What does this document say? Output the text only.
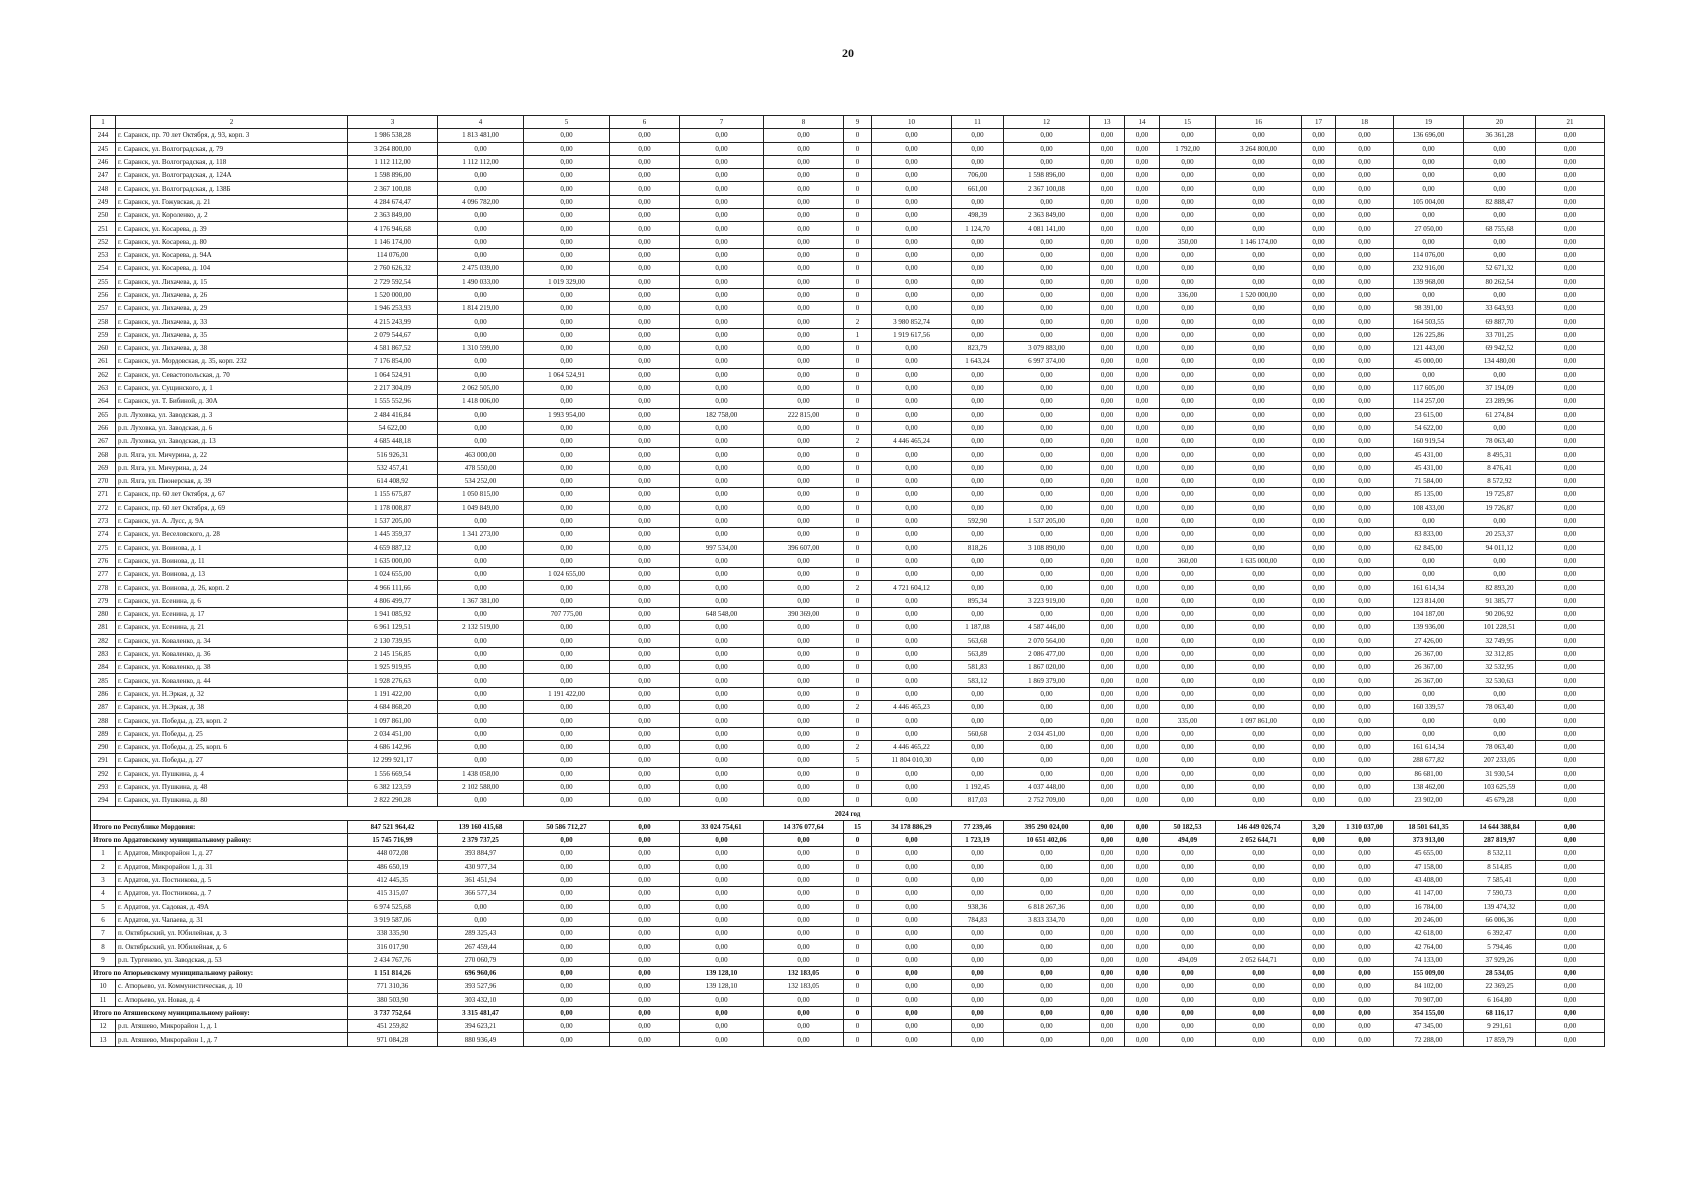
20
1	2	3	4	5	6	7	8	9	10	11	12	13	14	15	16	17	18	19	20	21
244	г. Саранск, пр. 70 лет Октября, д. 93, корп. 3	1 986 538,28	1 813 481,00	0,00	0,00	0,00	0,00	0	0,00	0,00	0,00	0,00	0,00	0,00	0,00	0,00	0,00	136 696,00	36 361,28	0,00
245	г. Саранск, ул. Волгоградская, д. 79	3 264 800,00	0,00	0,00	0,00	0,00	0,00	0	0,00	0,00	0,00	0,00	0,00	1 792,00	3 264 800,00	0,00	0,00	0,00	0,00	0,00
246	г. Саранск, ул. Волгоградская, д. 118	1 112 112,00	1 112 112,00	0,00	0,00	0,00	0,00	0	0,00	0,00	0,00	0,00	0,00	0,00	0,00	0,00	0,00	0,00	0,00	0,00
247	г. Саранск, ул. Волгоградская, д. 124А	1 598 896,00	0,00	0,00	0,00	0,00	0,00	0	0,00	706,00	1 598 896,00	0,00	0,00	0,00	0,00	0,00	0,00	0,00	0,00	0,00
248	г. Саранск, ул. Волгоградская, д. 138Б	2 367 100,08	0,00	0,00	0,00	0,00	0,00	0	0,00	661,00	2 367 100,08	0,00	0,00	0,00	0,00	0,00	0,00	0,00	0,00	0,00
249	г. Саранск, ул. Гожувская, д. 21	4 284 674,47	4 096 782,00	0,00	0,00	0,00	0,00	0	0,00	0,00	0,00	0,00	0,00	0,00	0,00	0,00	0,00	105 004,00	82 888,47	0,00
250	г. Саранск, ул. Короленко, д. 2	2 363 849,00	0,00	0,00	0,00	0,00	0,00	0	0,00	498,39	2 363 849,00	0,00	0,00	0,00	0,00	0,00	0,00	0,00	0,00	0,00
251	г. Саранск, ул. Косарева, д. 39	4 176 946,68	0,00	0,00	0,00	0,00	0,00	0	0,00	1 124,70	4 081 141,00	0,00	0,00	0,00	0,00	0,00	0,00	27 050,00	68 755,68	0,00
252	г. Саранск, ул. Косарева, д. 80	1 146 174,00	0,00	0,00	0,00	0,00	0,00	0	0,00	0,00	0,00	0,00	0,00	350,00	1 146 174,00	0,00	0,00	0,00	0,00	0,00
253	г. Саранск, ул. Косарева, д. 94А	114 076,00	0,00	0,00	0,00	0,00	0,00	0	0,00	0,00	0,00	0,00	0,00	0,00	0,00	0,00	0,00	114 076,00	0,00	0,00
254	г. Саранск, ул. Косарева, д. 104	2 760 626,32	2 475 039,00	0,00	0,00	0,00	0,00	0	0,00	0,00	0,00	0,00	0,00	0,00	0,00	0,00	0,00	232 916,00	52 671,32	0,00
255	г. Саранск, ул. Лихачева, д. 15	2 729 592,54	1 490 033,00	1 019 329,00	0,00	0,00	0,00	0	0,00	0,00	0,00	0,00	0,00	0,00	0,00	0,00	0,00	139 968,00	80 262,54	0,00
256	г. Саранск, ул. Лихачева, д. 26	1 520 000,00	0,00	0,00	0,00	0,00	0,00	0	0,00	0,00	0,00	0,00	0,00	336,00	1 520 000,00	0,00	0,00	0,00	0,00	0,00
257	г. Саранск, ул. Лихачева, д. 29	1 946 253,93	1 814 219,00	0,00	0,00	0,00	0,00	0	0,00	0,00	0,00	0,00	0,00	0,00	0,00	0,00	0,00	98 391,00	33 643,93	0,00
258	г. Саранск, ул. Лихачева, д. 33	4 215 243,99	0,00	0,00	0,00	0,00	0,00	2	3 980 852,74	0,00	0,00	0,00	0,00	0,00	0,00	0,00	0,00	164 503,55	69 887,70	0,00
259	г. Саранск, ул. Лихачева, д. 35	2 079 544,67	0,00	0,00	0,00	0,00	0,00	1	1 919 617,56	0,00	0,00	0,00	0,00	0,00	0,00	0,00	0,00	126 225,86	33 701,25	0,00
260	г. Саранск, ул. Лихачева, д. 38	4 581 867,52	1 310 599,00	0,00	0,00	0,00	0,00	0	0,00	823,79	3 079 883,00	0,00	0,00	0,00	0,00	0,00	0,00	121 443,00	69 942,52	0,00
261	г. Саранск, ул. Мордовская, д. 35, корп. 232	7 176 854,00	0,00	0,00	0,00	0,00	0,00	0	0,00	1 643,24	6 997 374,00	0,00	0,00	0,00	0,00	0,00	0,00	45 000,00	134 480,00	0,00
262	г. Саранск, ул. Севастопольская, д. 70	1 064 524,91	0,00	1 064 524,91	0,00	0,00	0,00	0	0,00	0,00	0,00	0,00	0,00	0,00	0,00	0,00	0,00	0,00	0,00	0,00
263	г. Саранск, ул. Сущинского, д. 1	2 217 304,09	2 062 505,00	0,00	0,00	0,00	0,00	0	0,00	0,00	0,00	0,00	0,00	0,00	0,00	0,00	0,00	117 605,00	37 194,09	0,00
264	г. Саранск, ул. Т. Бибиной, д. 30А	1 555 552,96	1 418 006,00	0,00	0,00	0,00	0,00	0	0,00	0,00	0,00	0,00	0,00	0,00	0,00	0,00	0,00	114 257,00	23 289,96	0,00
265	р.п. Луховка, ул. Заводская, д. 3	2 484 416,84	0,00	1 993 954,00	0,00	182 758,00	222 815,00	0	0,00	0,00	0,00	0,00	0,00	0,00	0,00	0,00	0,00	23 615,00	61 274,84	0,00
266	р.п. Луховка, ул. Заводская, д. 6	54 622,00	0,00	0,00	0,00	0,00	0,00	0	0,00	0,00	0,00	0,00	0,00	0,00	0,00	0,00	0,00	54 622,00	0,00	0,00
267	р.п. Луховка, ул. Заводская, д. 13	4 685 448,18	0,00	0,00	0,00	0,00	0,00	2	4 446 465,24	0,00	0,00	0,00	0,00	0,00	0,00	0,00	0,00	160 919,54	78 063,40	0,00
268	р.п. Ялга, ул. Мичурина, д. 22	516 926,31	463 000,00	0,00	0,00	0,00	0,00	0	0,00	0,00	0,00	0,00	0,00	0,00	0,00	0,00	0,00	45 431,00	8 495,31	0,00
269	р.п. Ялга, ул. Мичурина, д. 24	532 457,41	478 550,00	0,00	0,00	0,00	0,00	0	0,00	0,00	0,00	0,00	0,00	0,00	0,00	0,00	0,00	45 431,00	8 476,41	0,00
270	р.п. Ялга, ул. Пионерская, д. 39	614 408,92	534 252,00	0,00	0,00	0,00	0,00	0	0,00	0,00	0,00	0,00	0,00	0,00	0,00	0,00	0,00	71 584,00	8 572,92	0,00
271	г. Саранск, пр. 60 лет Октября, д. 67	1 155 675,87	1 050 815,00	0,00	0,00	0,00	0,00	0	0,00	0,00	0,00	0,00	0,00	0,00	0,00	0,00	0,00	85 135,00	19 725,87	0,00
272	г. Саранск, пр. 60 лет Октября, д. 69	1 178 008,87	1 049 849,00	0,00	0,00	0,00	0,00	0	0,00	0,00	0,00	0,00	0,00	0,00	0,00	0,00	0,00	108 433,00	19 726,87	0,00
273	г. Саранск, ул. А. Лусс, д. 9А	1 537 205,00	0,00	0,00	0,00	0,00	0,00	0	0,00	592,90	1 537 205,00	0,00	0,00	0,00	0,00	0,00	0,00	0,00	0,00	0,00
274	г. Саранск, ул. Веселовского, д. 28	1 445 359,37	1 341 273,00	0,00	0,00	0,00	0,00	0	0,00	0,00	0,00	0,00	0,00	0,00	0,00	0,00	0,00	83 833,00	20 253,37	0,00
275	г. Саранск, ул. Воинова, д. 1	4 659 887,12	0,00	0,00	0,00	997 534,00	396 607,00	0	0,00	818,26	3 108 890,00	0,00	0,00	0,00	0,00	0,00	0,00	62 845,00	94 011,12	0,00
276	г. Саранск, ул. Воинова, д. 11	1 635 000,00	0,00	0,00	0,00	0,00	0,00	0	0,00	0,00	0,00	0,00	0,00	360,00	1 635 000,00	0,00	0,00	0,00	0,00	0,00
277	г. Саранск, ул. Воинова, д. 13	1 024 655,00	0,00	1 024 655,00	0,00	0,00	0,00	0	0,00	0,00	0,00	0,00	0,00	0,00	0,00	0,00	0,00	0,00	0,00	0,00
278	г. Саранск, ул. Воинова, д. 26, корп. 2	4 966 111,66	0,00	0,00	0,00	0,00	0,00	2	4 721 604,12	0,00	0,00	0,00	0,00	0,00	0,00	0,00	0,00	161 614,34	82 893,20	0,00
279	г. Саранск, ул. Есенина, д. 6	4 806 499,77	1 367 381,00	0,00	0,00	0,00	0,00	0	0,00	895,34	3 223 919,00	0,00	0,00	0,00	0,00	0,00	0,00	123 814,00	91 385,77	0,00
280	г. Саранск, ул. Есенина, д. 17	1 941 085,92	0,00	707 775,00	0,00	648 548,00	390 369,00	0	0,00	0,00	0,00	0,00	0,00	0,00	0,00	0,00	0,00	104 187,00	90 206,92	0,00
281	г. Саранск, ул. Есенина, д. 21	6 961 129,51	2 132 519,00	0,00	0,00	0,00	0,00	0	0,00	1 187,08	4 587 446,00	0,00	0,00	0,00	0,00	0,00	0,00	139 936,00	101 228,51	0,00
282	г. Саранск, ул. Коваленко, д. 34	2 130 739,95	0,00	0,00	0,00	0,00	0,00	0	0,00	563,68	2 070 564,00	0,00	0,00	0,00	0,00	0,00	0,00	27 426,00	32 749,95	0,00
283	г. Саранск, ул. Коваленко, д. 36	2 145 156,85	0,00	0,00	0,00	0,00	0,00	0	0,00	563,89	2 086 477,00	0,00	0,00	0,00	0,00	0,00	0,00	26 367,00	32 312,85	0,00
284	г. Саранск, ул. Коваленко, д. 38	1 925 919,95	0,00	0,00	0,00	0,00	0,00	0	0,00	581,83	1 867 020,00	0,00	0,00	0,00	0,00	0,00	0,00	26 367,00	32 532,95	0,00
285	г. Саранск, ул. Коваленко, д. 44	1 928 276,63	0,00	0,00	0,00	0,00	0,00	0	0,00	583,12	1 869 379,00	0,00	0,00	0,00	0,00	0,00	0,00	26 367,00	32 530,63	0,00
286	г. Саранск, ул. Н.Эркая, д. 32	1 191 422,00	0,00	1 191 422,00	0,00	0,00	0,00	0	0,00	0,00	0,00	0,00	0,00	0,00	0,00	0,00	0,00	0,00	0,00	0,00
287	г. Саранск, ул. Н.Эркая, д. 38	4 684 868,20	0,00	0,00	0,00	0,00	0,00	2	4 446 465,23	0,00	0,00	0,00	0,00	0,00	0,00	0,00	0,00	160 339,57	78 063,40	0,00
288	г. Саранск, ул. Победы, д. 23, корп. 2	1 097 861,00	0,00	0,00	0,00	0,00	0,00	0	0,00	0,00	0,00	0,00	0,00	335,00	1 097 861,00	0,00	0,00	0,00	0,00	0,00
289	г. Саранск, ул. Победы, д. 25	2 034 451,00	0,00	0,00	0,00	0,00	0,00	0	0,00	560,68	2 034 451,00	0,00	0,00	0,00	0,00	0,00	0,00	0,00	0,00	0,00
290	г. Саранск, ул. Победы, д. 25, корп. 6	4 686 142,96	0,00	0,00	0,00	0,00	0,00	2	4 446 465,22	0,00	0,00	0,00	0,00	0,00	0,00	0,00	0,00	161 614,34	78 063,40	0,00
291	г. Саранск, ул. Победы, д. 27	12 299 921,17	0,00	0,00	0,00	0,00	0,00	5	11 804 010,30	0,00	0,00	0,00	0,00	0,00	0,00	0,00	0,00	288 677,82	207 233,05	0,00
292	г. Саранск, ул. Пушкина, д. 4	1 556 669,54	1 438 058,00	0,00	0,00	0,00	0,00	0	0,00	0,00	0,00	0,00	0,00	0,00	0,00	0,00	0,00	86 681,00	31 930,54	0,00
293	г. Саранск, ул. Пушкина, д. 48	6 382 123,59	2 102 588,00	0,00	0,00	0,00	0,00	0	0,00	1 192,45	4 037 448,00	0,00	0,00	0,00	0,00	0,00	0,00	138 462,00	103 625,59	0,00
294	г. Саранск, ул. Пушкина, д. 80	2 822 290,28	0,00	0,00	0,00	0,00	0,00	0	0,00	817,03	2 752 709,00	0,00	0,00	0,00	0,00	0,00	0,00	23 902,00	45 679,28	0,00
2024 год																				
Итого по Республике Мордовия:		847 521 964,42	139 160 415,68	50 586 712,27	0,00	33 024 754,61	14 376 077,64	15	34 178 886,29	77 239,46	395 290 024,00	0,00	0,00	50 182,53	146 449 026,74	3,20	1 310 037,00	18 501 641,35	14 644 388,84	0,00
Итого по Ардатовскому муниципальному району:		15 745 716,99	2 379 737,25	0,00	0,00	0,00	0,00	0	0,00	1 723,19	10 651 402,06	0,00	0,00	494,09	2 052 644,71	0,00	0,00	373 913,00	287 819,97	0,00
1	г. Ардатов, Микрорайон 1, д. 27	448 072,08	393 884,97	0,00	0,00	0,00	0,00	0	0,00	0,00	0,00	0,00	0,00	0,00	0,00	0,00	0,00	45 655,00	8 532,11	0,00
2	г. Ардатов, Микрорайон 1, д. 31	486 650,19	430 977,34	0,00	0,00	0,00	0,00	0	0,00	0,00	0,00	0,00	0,00	0,00	0,00	0,00	0,00	47 158,00	8 514,85	0,00
3	г. Ардатов, ул. Постникова, д. 5	412 445,35	361 451,94	0,00	0,00	0,00	0,00	0	0,00	0,00	0,00	0,00	0,00	0,00	0,00	0,00	0,00	43 408,00	7 585,41	0,00
4	г. Ардатов, ул. Постникова, д. 7	415 315,07	366 577,34	0,00	0,00	0,00	0,00	0	0,00	0,00	0,00	0,00	0,00	0,00	0,00	0,00	0,00	41 147,00	7 590,73	0,00
5	г. Ардатов, ул. Садовая, д. 49А	6 974 525,68	0,00	0,00	0,00	0,00	0,00	0	0,00	938,36	6 818 267,36	0,00	0,00	0,00	0,00	0,00	0,00	16 784,00	139 474,32	0,00
6	г. Ардатов, ул. Чапаева, д. 31	3 919 587,06	0,00	0,00	0,00	0,00	0,00	0	0,00	784,83	3 833 334,70	0,00	0,00	0,00	0,00	0,00	0,00	20 246,00	66 006,36	0,00
7	п. Октябрьский, ул. Юбилейная, д. 3	338 335,90	289 325,43	0,00	0,00	0,00	0,00	0	0,00	0,00	0,00	0,00	0,00	0,00	0,00	0,00	0,00	42 618,00	6 392,47	0,00
8	п. Октябрьский, ул. Юбилейная, д. 6	316 017,90	267 459,44	0,00	0,00	0,00	0,00	0	0,00	0,00	0,00	0,00	0,00	0,00	0,00	0,00	0,00	42 764,00	5 794,46	0,00
9	р.п. Тургенево, ул. Заводская, д. 53	2 434 767,76	270 060,79	0,00	0,00	0,00	0,00	0	0,00	0,00	0,00	0,00	0,00	494,09	2 052 644,71	0,00	0,00	74 133,00	37 929,26	0,00
Итого по Атюрьевскому муниципальному району:		1 151 814,26	696 960,06	0,00	0,00	139 128,10	132 183,05	0	0,00	0,00	0,00	0,00	0,00	0,00	0,00	0,00	0,00	155 009,00	28 534,05	0,00
10	с. Атюрьево, ул. Коммунистическая, д. 10	771 310,36	393 527,96	0,00	0,00	139 128,10	132 183,05	0	0,00	0,00	0,00	0,00	0,00	0,00	0,00	0,00	0,00	84 102,00	22 369,25	0,00
11	с. Атюрьево, ул. Новая, д. 4	380 503,90	303 432,10	0,00	0,00	0,00	0,00	0	0,00	0,00	0,00	0,00	0,00	0,00	0,00	0,00	0,00	70 907,00	6 164,80	0,00
Итого по Атяшевскому муниципальному району:		3 737 752,64	3 315 481,47	0,00	0,00	0,00	0,00	0	0,00	0,00	0,00	0,00	0,00	0,00	0,00	0,00	0,00	354 155,00	68 116,17	0,00
12	р.п. Атяшево, Микрорайон 1, д. 1	451 259,82	394 623,21	0,00	0,00	0,00	0,00	0	0,00	0,00	0,00	0,00	0,00	0,00	0,00	0,00	0,00	47 345,00	9 291,61	0,00
13	р.п. Атяшево, Микрорайон 1, д. 7	971 084,28	880 936,49	0,00	0,00	0,00	0,00	0	0,00	0,00	0,00	0,00	0,00	0,00	0,00	0,00	0,00	72 288,00	17 859,79	0,00
